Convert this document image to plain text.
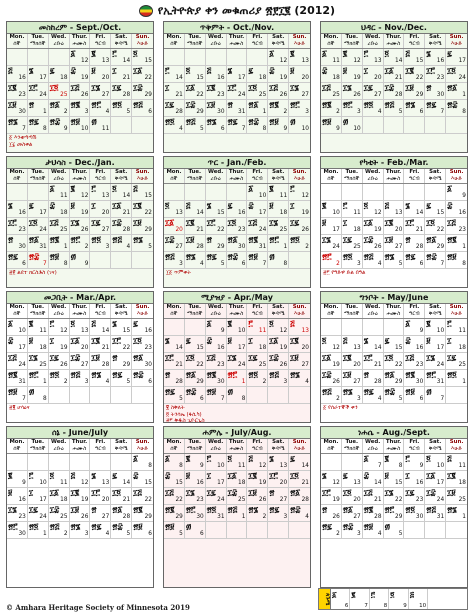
የኢትዮጵያ ቀን መቁጠሪያ ፳፻፲፪ (2012)
መስከረም - Sept./Oct.
Mon.
ሰኞ
Tue.
ማክሰኞ
Wed.
ረቡዕ
Thur.
ሐሙስ
Fri.
ዓርብ
Sat.
ቅዳሜ
Sun.
እሁድ
፩
12
፪
13
፫
14
፬
15
፭
16
፮
17
፯
18
፰
19
፱
20
፲
21
፲፩
22
፲፪
23
፲፫
24
፲፬
25
፲፭
26
፲፮
27
፲፯
28
፲፰
29
፲፱
30
፳
1
፳፩
2
፳፪
3
፳፫
4
፳፬
5
፳፭
6
፳፮
7
፳፯
8
፳፰
9
፳፱
10
፴
11
፩ እንቁጣጣሽ
፲፯ መስቀል
ጥቅምት - Oct./Nov.
Mon.
ሰኞ
Tue.
ማክሰኞ
Wed.
ረቡዕ
Thur.
ሐሙስ
Fri.
ዓርብ
Sat.
ቅዳሜ
Sun.
እሁድ
፩
12
፪
13
፫
14
፬
15
፭
16
፮
17
፯
18
፰
19
፱
20
፲
21
፲፩
22
፲፪
23
፲፫
24
፲፬
25
፲፭
26
፲፮
27
፲፯
28
፲፰
29
፲፱
30
፳
31
፳፩
1
፳፪
2
፳፫
3
፳፬
4
፳፭
5
፳፮
6
፳፯
7
፳፰
8
፳፱
9
፴
10
ህዳር - Nov./Dec.
Mon.
ሰኞ
Tue.
ማክሰኞ
Wed.
ረቡዕ
Thur.
ሐሙስ
Fri.
ዓርብ
Sat.
ቅዳሜ
Sun.
እሁድ
፩
11
፪
12
፫
13
፬
14
፭
15
፮
16
፯
17
፰
18
፱
19
፲
20
፲፩
21
፲፪
22
፲፫
23
፲፬
24
፲፭
25
፲፮
26
፲፯
27
፲፰
28
፲፱
29
፳
30
፳፩
1
፳፪
2
፳፫
3
፳፬
4
፳፭
5
፳፮
6
፳፯
7
፳፰
8
፳፱
9
፴
10
ታህሳስ - Dec./Jan.
Mon.
ሰኞ
Tue.
ማክሰኞ
Wed.
ረቡዕ
Thur.
ሐሙስ
Fri.
ዓርብ
Sat.
ቅዳሜ
Sun.
እሁድ
፩
11
፪
12
፫
13
፬
14
፭
15
፮
16
፯
17
፰
18
፱
19
፲
20
፲፩
21
፲፪
22
፲፫
23
፲፬
24
፲፭
25
፲፮
26
፲፯
27
፲፰
28
፲፱
29
፳
30
፳፩
31
፳፪
1
፳፫
2
፳፬
3
፳፭
4
፳፮
5
፳፯
6
፳፰
7
፳፱
8
፴
9
፳፱ ልደተ ክርስቶስ (ገና)
ጥር - Jan./Feb.
Mon.
ሰኞ
Tue.
ማክሰኞ
Wed.
ረቡዕ
Thur.
ሐሙስ
Fri.
ዓርብ
Sat.
ቅዳሜ
Sun.
እሁድ
፩
10
፪
11
፫
12
፬
13
፭
14
፮
15
፯
16
፰
17
፱
18
፲
19
፲፩
20
፲፪
21
፲፫
22
፲፬
23
፲፭
24
፲፮
25
፲፯
26
፲፰
27
፲፱
28
፳
29
፳፩
30
፳፪
31
፳፫
1
፳፬
2
፳፭
3
፳፮
4
፳፯
5
፳፰
6
፳፱
7
፴
8
፲፩ ጥምቀት
የካቲት - Feb./Mar.
Mon.
ሰኞ
Tue.
ማክሰኞ
Wed.
ረቡዕ
Thur.
ሐሙስ
Fri.
ዓርብ
Sat.
ቅዳሜ
Sun.
እሁድ
፩
9
፪
10
፫
11
፬
12
፭
13
፮
14
፯
15
፰
16
፱
17
፲
18
፲፩
19
፲፪
20
፲፫
21
፲፬
22
፲፭
23
፲፮
24
፲፯
25
፲፰
26
፲፱
27
፳
28
፳፩
29
፳፪
1
፳፫
2
፳፬
3
፳፭
4
፳፮
5
፳፯
6
፳፰
7
፳፱
8
፳፫ የዓድዋ ድል በዓል
መጋቢት - Mar./Apr.
Mon.
ሰኞ
Tue.
ማክሰኞ
Wed.
ረቡዕ
Thur.
ሐሙስ
Fri.
ዓርብ
Sat.
ቅዳሜ
Sun.
እሁድ
፩
10
፪
11
፫
12
፬
13
፭
14
፮
15
፯
16
፰
17
፱
18
፲
19
፲፩
20
፲፪
21
፲፫
22
፲፬
23
፲፭
24
፲፮
25
፲፯
26
፲፰
27
፲፱
28
፳
29
፳፩
30
፳፪
31
፳፫
1
፳፬
2
፳፭
3
፳፮
4
፳፯
5
፳፰
6
፳፱
7
፴
8
፳፪ ሆሳዕና
ሚያዝያ - Apr./May
Mon.
ሰኞ
Tue.
ማክሰኞ
Wed.
ረቡዕ
Thur.
ሐሙስ
Fri.
ዓርብ
Sat.
ቅዳሜ
Sun.
እሁድ
፩
9
፪
10
፫
11
፬
12
፭
13
፮
14
፯
15
፰
16
፱
17
፲
18
፲፩
19
፲፪
20
፲፫
21
፲፬
22
፲፭
23
፲፮
24
፲፯
25
፲፰
26
፲፱
27
፳
28
፳፩
29
፳፪
30
፳፫
1
፳፬
2
፳፭
3
፳፮
4
፳፯
5
፳፰
6
፳፱
7
፴
8
፪ ስቅለት
፬ ትንሳኤ (ፋሲካ)
፳፫ ቅዱስ ጊዮርጊስ
ግንቦት - May/June
Mon.
ሰኞ
Tue.
ማክሰኞ
Wed.
ረቡዕ
Thur.
ሐሙስ
Fri.
ዓርብ
Sat.
ቅዳሜ
Sun.
እሁድ
፩
9
፪
10
፫
11
፬
12
፭
13
፮
14
፯
15
፰
16
፱
17
፲
18
፲፩
19
፲፪
20
፲፫
21
፲፬
22
፲፭
23
፲፮
24
፲፯
25
፲፰
26
፲፱
27
፳
28
፳፩
29
፳፪
30
፳፫
31
፳፬
1
፳፭
2
፳፮
3
፳፯
4
፳፰
5
፳፱
6
፴
7
፩ የሰራተኞች ቀን
ሰኔ - June/July
Mon.
ሰኞ
Tue.
ማክሰኞ
Wed.
ረቡዕ
Thur.
ሐሙስ
Fri.
ዓርብ
Sat.
ቅዳሜ
Sun.
እሁድ
፩
8
፪
9
፫
10
፬
11
፭
12
፮
13
፯
14
፰
15
፱
16
፲
17
፲፩
18
፲፪
19
፲፫
20
፲፬
21
፲፭
22
፲፮
23
፲፯
24
፲፰
25
፲፱
26
፳
27
፳፩
28
፳፪
29
፳፫
30
፳፬
1
፳፭
2
፳፮
3
፳፯
4
፳፰
5
፳፱
6
ሐምሌ - July/Aug.
Mon.
ሰኞ
Tue.
ማክሰኞ
Wed.
ረቡዕ
Thur.
ሐሙስ
Fri.
ዓርብ
Sat.
ቅዳሜ
Sun.
እሁድ
፩
8
፪
9
፫
10
፬
11
፭
12
፮
13
፯
14
፰
15
፱
16
፲
17
፲፩
18
፲፪
19
፲፫
20
፲፬
21
፲፭
22
፲፮
23
፲፯
24
፲፰
25
፲፱
26
፳
27
፳፩
28
፳፪
29
፳፫
30
፳፬
31
፳፭
1
፳፮
2
፳፯
3
፳፰
4
፳፱
5
፴
6
ነሐሴ - Aug./Sept.
Mon.
ሰኞ
Tue.
ማክሰኞ
Wed.
ረቡዕ
Thur.
ሐሙስ
Fri.
ዓርብ
Sat.
ቅዳሜ
Sun.
እሁድ
፩
7
፪
8
፫
9
፬
10
፭
11
፮
12
፯
13
፰
14
፱
15
፲
16
፲፩
17
፲፪
18
፲፫
19
፲፬
20
፲፭
21
፲፮
22
፲፯
23
፲፰
24
፲፱
25
፳
26
፳፩
27
፳፪
28
፳፫
29
፳፬
30
፳፭
31
፳፮
1
፳፯
2
፳፰
3
፳፱
4
፴
5
ጳጉሜ ፩
6
፪
7
፫
8
፬
9
፭
10
© Amhara Heritage Society of Minnesota 2019
